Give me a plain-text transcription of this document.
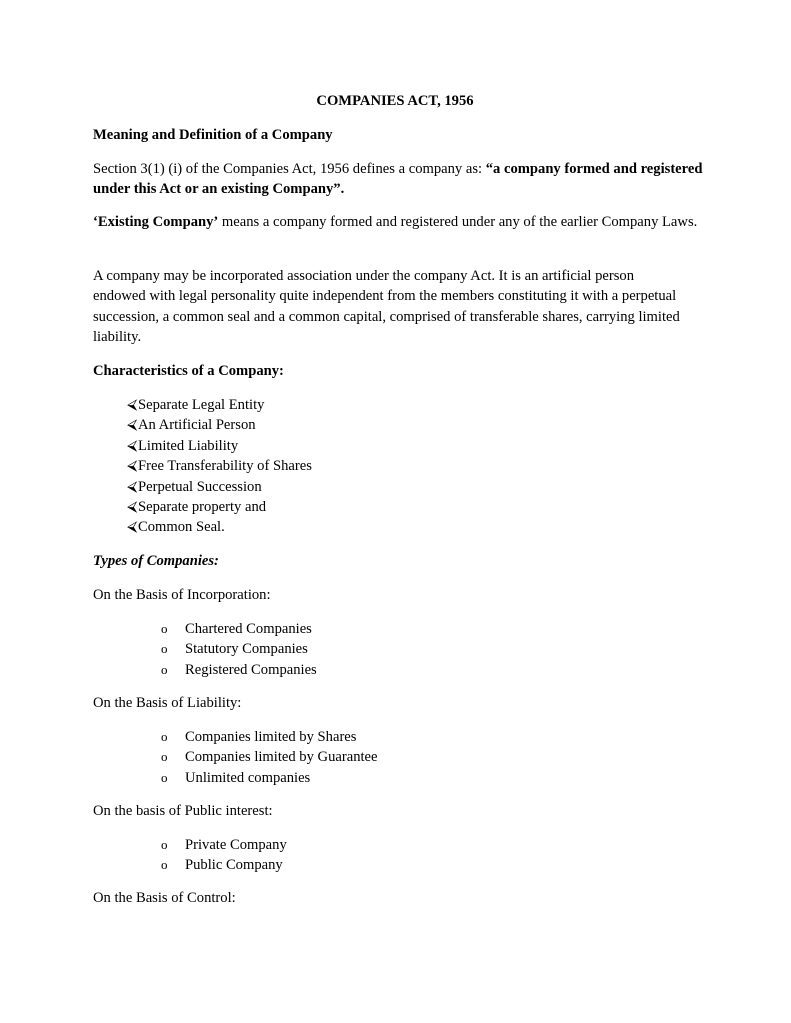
COMPANIES ACT, 1956

Meaning and Definition of a Company

Section 3(1) (i) of the Companies Act, 1956 defines a company as: “a company formed and registered under this Act or an existing Company”.

‘Existing Company’ means a company formed and registered under any of the earlier Company Laws.

A company may be incorporated association under the company Act. It is an artificial person endowed with legal personality quite independent from the members constituting it with a perpetual succession, a common seal and a common capital, comprised of transferable shares, carrying limited liability.

Characteristics of a Company:

⮘Separate Legal Entity
⮘An Artificial Person
⮘Limited Liability
⮘Free Transferability of Shares
⮘Perpetual Succession
⮘Separate property and
⮘Common Seal.

Types of Companies:

On the Basis of Incorporation:

o Chartered Companies
o Statutory Companies
o Registered Companies

On the Basis of Liability:

o Companies limited by Shares
o Companies limited by Guarantee
o Unlimited companies

On the basis of Public interest:

o Private Company
o Public Company

On the Basis of Control:
